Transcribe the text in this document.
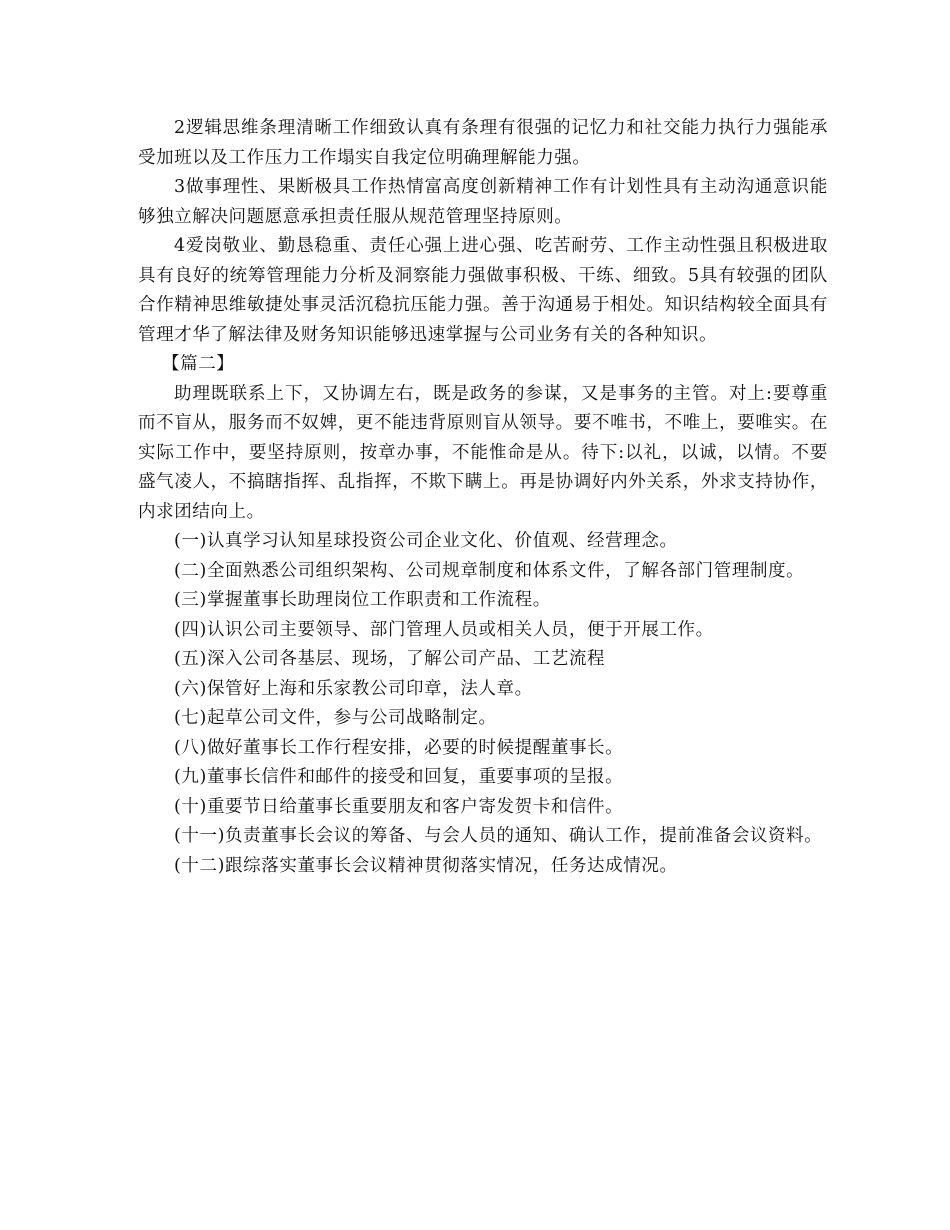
2逻辑思维条理清晰工作细致认真有条理有很强的记忆力和社交能力执行力强能承受加班以及工作压力工作塌实自我定位明确理解能力强。

3做事理性、果断极具工作热情富高度创新精神工作有计划性具有主动沟通意识能够独立解决问题愿意承担责任服从规范管理坚持原则。

4爱岗敬业、勤恳稳重、责任心强上进心强、吃苦耐劳、工作主动性强且积极进取具有良好的统筹管理能力分析及洞察能力强做事积极、干练、细致。5具有较强的团队合作精神思维敏捷处事灵活沉稳抗压能力强。善于沟通易于相处。知识结构较全面具有管理才华了解法律及财务知识能够迅速掌握与公司业务有关的各种知识。

【篇二】

助理既联系上下，又协调左右，既是政务的参谋，又是事务的主管。对上:要尊重而不盲从，服务而不奴婢，更不能违背原则盲从领导。要不唯书，不唯上，要唯实。在实际工作中，要坚持原则，按章办事，不能惟命是从。待下:以礼，以诚，以情。不要盛气凌人，不搞瞎指挥、乱指挥，不欺下瞒上。再是协调好内外关系，外求支持协作，内求团结向上。

(一)认真学习认知星球投资公司企业文化、价值观、经营理念。

(二)全面熟悉公司组织架构、公司规章制度和体系文件，了解各部门管理制度。

(三)掌握董事长助理岗位工作职责和工作流程。

(四)认识公司主要领导、部门管理人员或相关人员，便于开展工作。

(五)深入公司各基层、现场，了解公司产品、工艺流程

(六)保管好上海和乐家教公司印章，法人章。

(七)起草公司文件，参与公司战略制定。

(八)做好董事长工作行程安排，必要的时候提醒董事长。

(九)董事长信件和邮件的接受和回复，重要事项的呈报。

(十)重要节日给董事长重要朋友和客户寄发贺卡和信件。

(十一)负责董事长会议的筹备、与会人员的通知、确认工作，提前准备会议资料。

(十二)跟综落实董事长会议精神贯彻落实情况，任务达成情况。
